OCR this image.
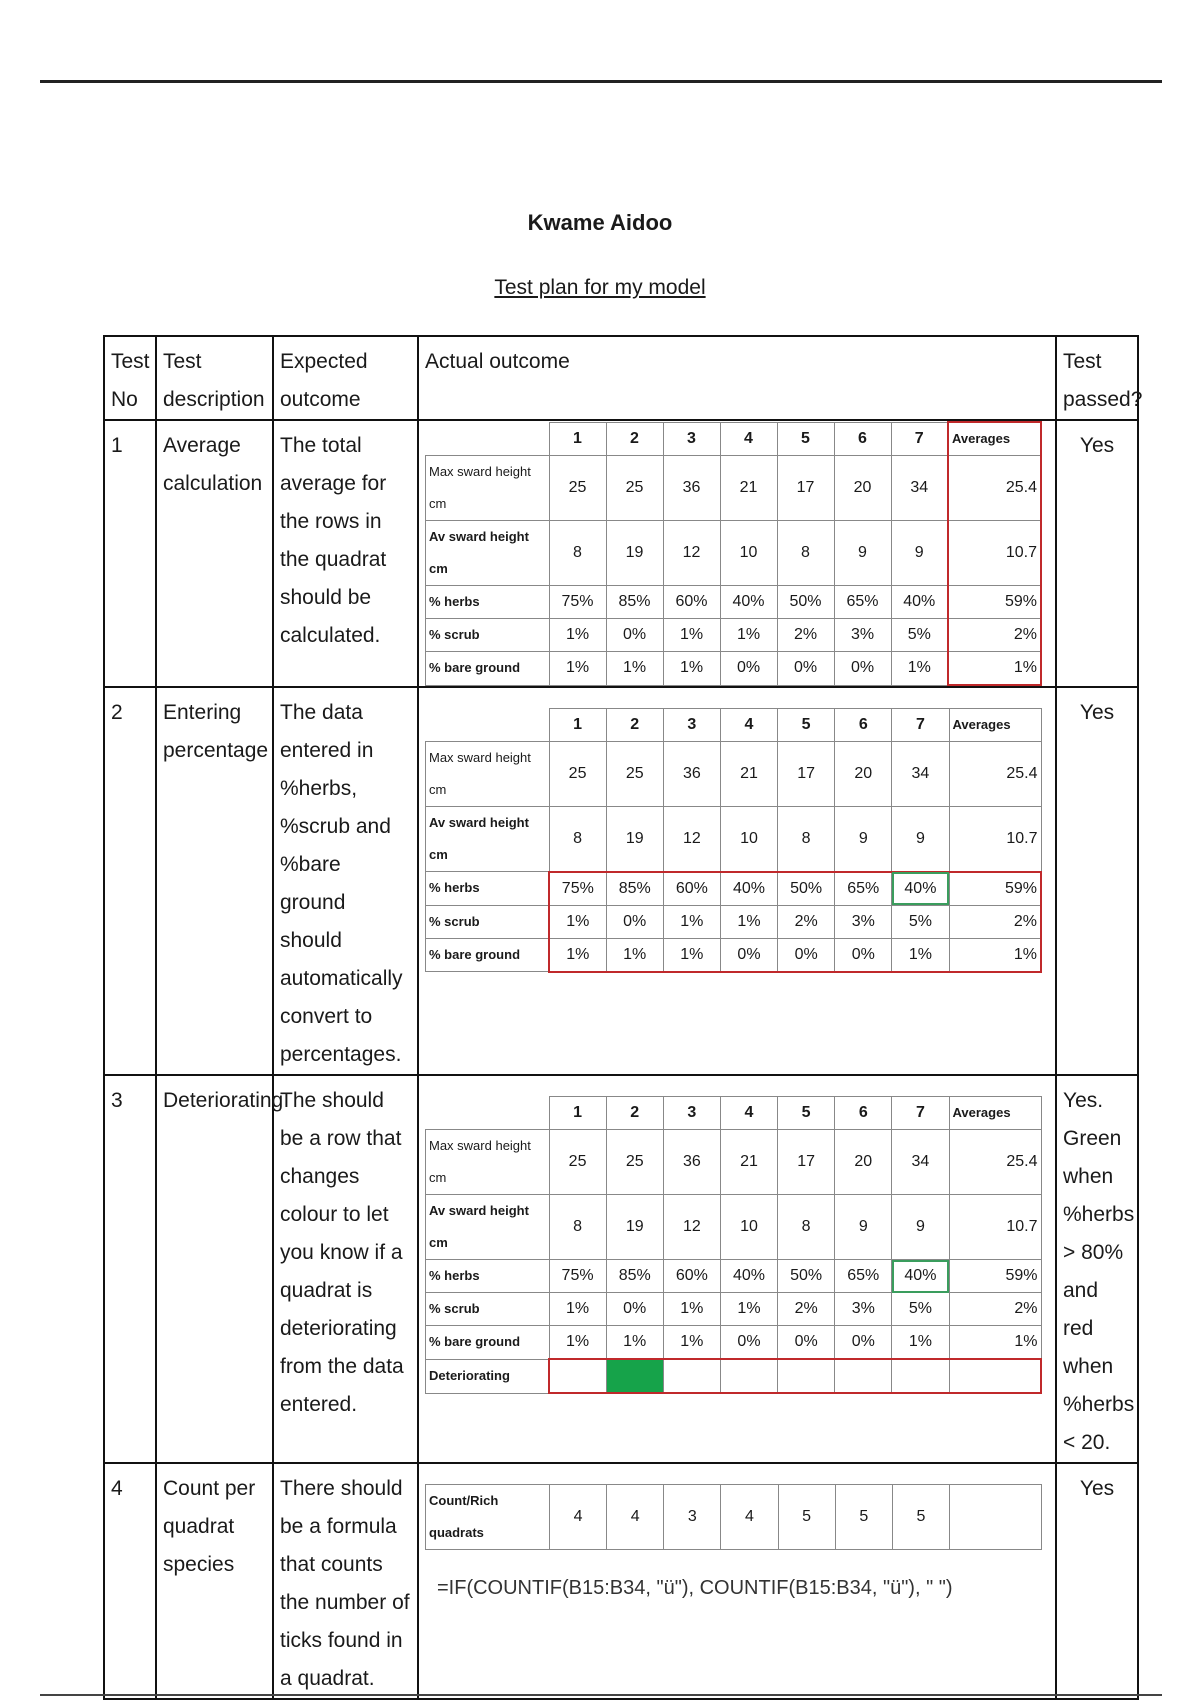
Kwame Aidoo
Test plan for my model
Test No	Test description	Expected outcome	Actual outcome	Test passed?
1	Average calculation	The total average for the rows in the quadrat should be calculated.	
	1	2	3	4	5	6	7	Averages
Max sward height cm	25	25	36	21	17	20	34	25.4
Av sward height cm	8	19	12	10	8	9	9	10.7
% herbs	75%	85%	60%	40%	50%	65%	40%	59%
% scrub	1%	0%	1%	1%	2%	3%	5%	2%
% bare ground	1%	1%	1%	0%	0%	0%	1%	1%
	Yes
2	Entering percentage	The data entered in %herbs, %scrub and %bare ground should automatically convert to percentages.	
	1	2	3	4	5	6	7	Averages
Max sward height cm	25	25	36	21	17	20	34	25.4
Av sward height cm	8	19	12	10	8	9	9	10.7
% herbs	75%	85%	60%	40%	50%	65%	40%	59%
% scrub	1%	0%	1%	1%	2%	3%	5%	2%
% bare ground	1%	1%	1%	0%	0%	0%	1%	1%
	Yes
3	Deteriorating	The should be a row that changes colour to let you know if a quadrat is deteriorating from the data entered.	
	1	2	3	4	5	6	7	Averages
Max sward height cm	25	25	36	21	17	20	34	25.4
Av sward height cm	8	19	12	10	8	9	9	10.7
% herbs	75%	85%	60%	40%	50%	65%	40%	59%
% scrub	1%	0%	1%	1%	2%	3%	5%	2%
% bare ground	1%	1%	1%	0%	0%	0%	1%	1%
Deteriorating								
	Yes. Green when %herbs > 80% and red when %herbs < 20.
4	Count per quadrat species	There should be a formula that counts the number of ticks found in a quadrat.	
Count/Rich quadrats	4	4	3	4	5	5	5	
=IF(COUNTIF(B15:B34, "ü"), COUNTIF(B15:B34, "ü"), " ")
	Yes
